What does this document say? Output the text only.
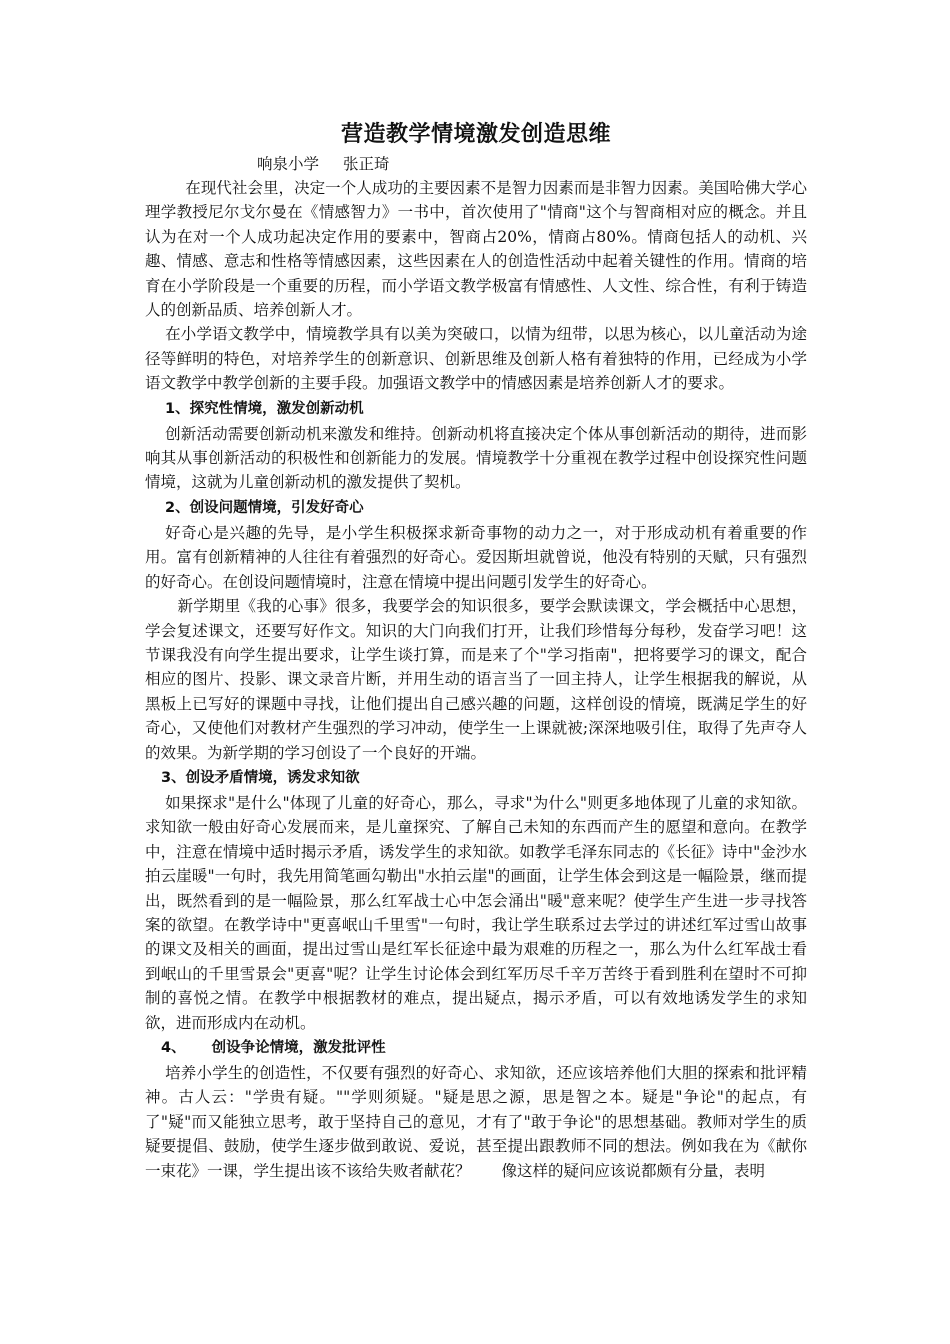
营造教学情境激发创造思维

响泉小学 张正琦

在现代社会里，决定一个人成功的主要因素不是智力因素而是非智力因素。美国哈佛大学心理学教授尼尔戈尔曼在《情感智力》一书中，首次使用了"情商"这个与智商相对应的概念。并且认为在对一个人成功起决定作用的要素中，智商占20%，情商占80%。情商包括人的动机、兴趣、情感、意志和性格等情感因素，这些因素在人的创造性活动中起着关键性的作用。情商的培育在小学阶段是一个重要的历程，而小学语文教学极富有情感性、人文性、综合性，有利于铸造人的创新品质、培养创新人才。

在小学语文教学中，情境教学具有以美为突破口，以情为纽带，以思为核心，以儿童活动为途径等鲜明的特色，对培养学生的创新意识、创新思维及创新人格有着独特的作用，已经成为小学语文教学中教学创新的主要手段。加强语文教学中的情感因素是培养创新人才的要求。

1、探究性情境，激发创新动机

创新活动需要创新动机来激发和维持。创新动机将直接决定个体从事创新活动的期待，进而影响其从事创新活动的积极性和创新能力的发展。情境教学十分重视在教学过程中创设探究性问题情境，这就为儿童创新动机的激发提供了契机。

2、创设问题情境，引发好奇心

好奇心是兴趣的先导，是小学生积极探求新奇事物的动力之一，对于形成动机有着重要的作用。富有创新精神的人往往有着强烈的好奇心。爱因斯坦就曾说，他没有特别的天赋，只有强烈的好奇心。在创设问题情境时，注意在情境中提出问题引发学生的好奇心。

新学期里《我的心事》很多，我要学会的知识很多，要学会默读课文，学会概括中心思想，学会复述课文，还要写好作文。知识的大门向我们打开，让我们珍惜每分每秒，发奋学习吧！这节课我没有向学生提出要求，让学生谈打算，而是来了个"学习指南"，把将要学习的课文，配合相应的图片、投影、课文录音片断，并用生动的语言当了一回主持人，让学生根据我的解说，从黑板上已写好的课题中寻找，让他们提出自己感兴趣的问题，这样创设的情境，既满足学生的好奇心，又使他们对教材产生强烈的学习冲动，使学生一上课就被;深深地吸引住，取得了先声夺人的效果。为新学期的学习创设了一个良好的开端。

3、创设矛盾情境，诱发求知欲

如果探求"是什么"体现了儿童的好奇心，那么，寻求"为什么"则更多地体现了儿童的求知欲。求知欲一般由好奇心发展而来，是儿童探究、了解自己未知的东西而产生的愿望和意向。在教学中，注意在情境中适时揭示矛盾，诱发学生的求知欲。如教学毛泽东同志的《长征》诗中"金沙水拍云崖暖"一句时，我先用简笔画勾勒出"水拍云崖"的画面，让学生体会到这是一幅险景，继而提出，既然看到的是一幅险景，那么红军战士心中怎会涌出"暖"意来呢？使学生产生进一步寻找答案的欲望。在教学诗中"更喜岷山千里雪"一句时，我让学生联系过去学过的讲述红军过雪山故事的课文及相关的画面，提出过雪山是红军长征途中最为艰难的历程之一，那么为什么红军战士看到岷山的千里雪景会"更喜"呢？让学生讨论体会到红军历尽千辛万苦终于看到胜利在望时不可抑制的喜悦之情。在教学中根据教材的难点，提出疑点，揭示矛盾，可以有效地诱发学生的求知欲，进而形成内在动机。

4、 创设争论情境，激发批评性

培养小学生的创造性，不仅要有强烈的好奇心、求知欲，还应该培养他们大胆的探索和批评精神。古人云："学贵有疑。""学则须疑。"疑是思之源，思是智之本。疑是"争论"的起点，有了"疑"而又能独立思考，敢于坚持自己的意见，才有了"敢于争论"的思想基础。教师对学生的质疑要提倡、鼓励，使学生逐步做到敢说、爱说，甚至提出跟教师不同的想法。例如我在为《献你一束花》一课，学生提出该不该给失败者献花？　　像这样的疑问应该说都颇有分量，表明
